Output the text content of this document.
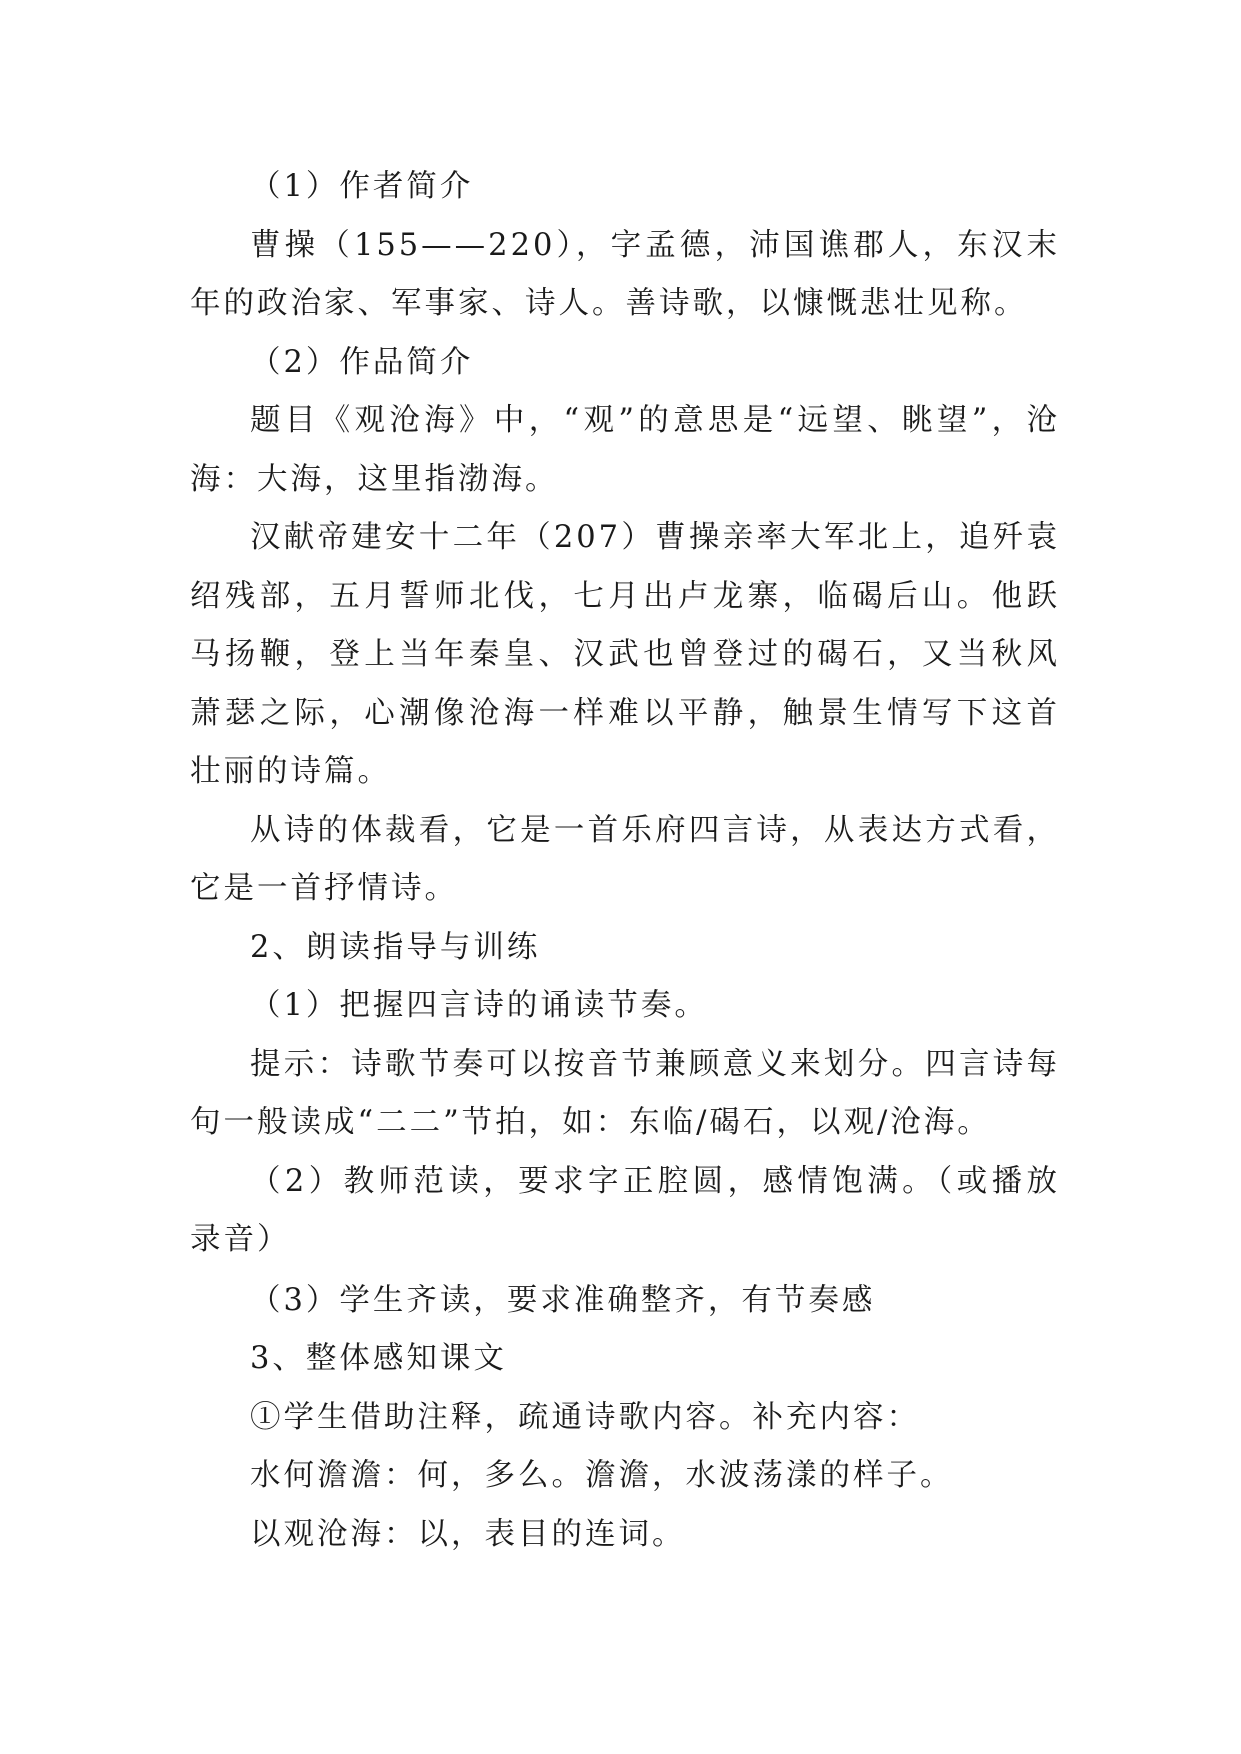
（1）作者简介

曹操（155——220），字孟德，沛国谯郡人，东汉末年的政治家、军事家、诗人。善诗歌，以慷慨悲壮见称。

（2）作品简介

题目《观沧海》中，“观”的意思是“远望、眺望”，沧海：大海，这里指渤海。

汉献帝建安十二年（207）曹操亲率大军北上，追歼袁绍残部，五月誓师北伐，七月出卢龙寨，临碣后山。他跃马扬鞭，登上当年秦皇、汉武也曾登过的碣石，又当秋风萧瑟之际，心潮像沧海一样难以平静，触景生情写下这首壮丽的诗篇。

从诗的体裁看，它是一首乐府四言诗，从表达方式看，它是一首抒情诗。

2、朗读指导与训练

（1）把握四言诗的诵读节奏。

提示：诗歌节奏可以按音节兼顾意义来划分。四言诗每句一般读成“二二”节拍，如：东临/碣石，以观/沧海。

（2）教师范读，要求字正腔圆，感情饱满。（或播放录音）

（3）学生齐读，要求准确整齐，有节奏感

3、整体感知课文

①学生借助注释，疏通诗歌内容。补充内容：

水何澹澹：何，多么。澹澹，水波荡漾的样子。

以观沧海：以，表目的连词。
